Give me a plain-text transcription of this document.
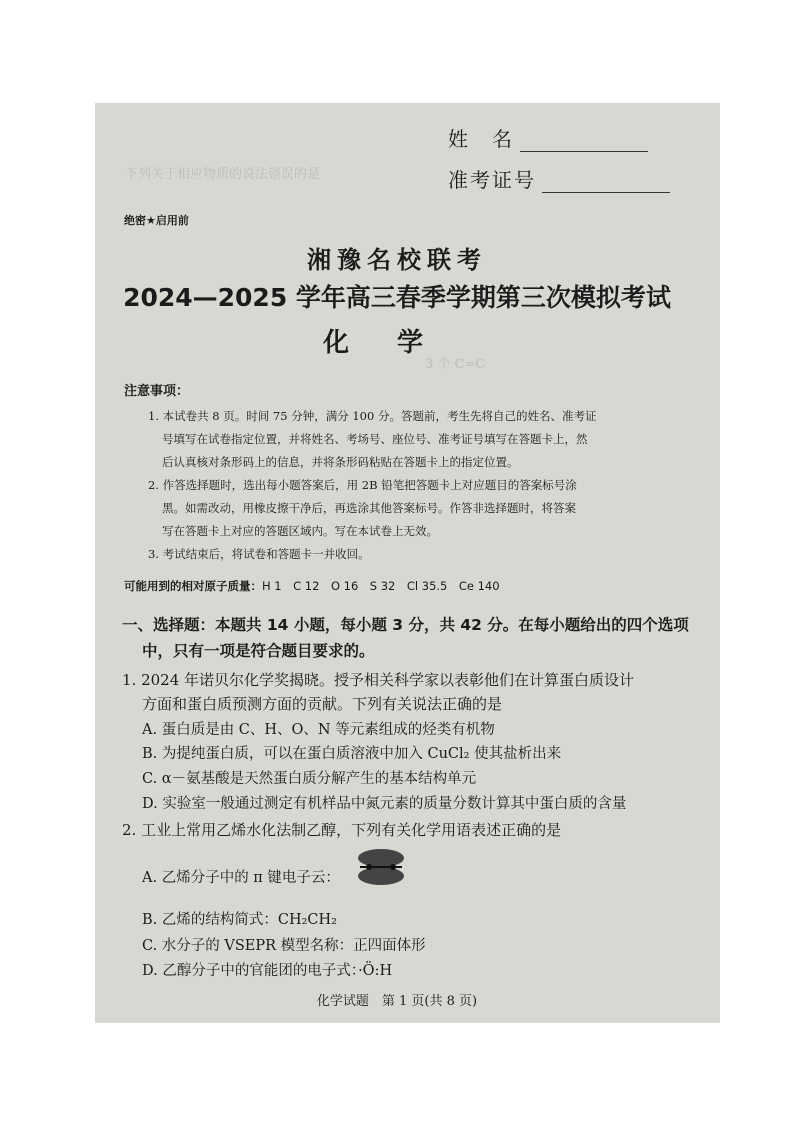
下列关于相应物质的说法错误的是
3 个 C=C
姓　名
准考证号
绝密★启用前
湘豫名校联考
2024—2025 学年高三春季学期第三次模拟考试
化学
注意事项：
1. 本试卷共 8 页。时间 75 分钟，满分 100 分。答题前，考生先将自己的姓名、准考证
号填写在试卷指定位置，并将姓名、考场号、座位号、准考证号填写在答题卡上，然
后认真核对条形码上的信息，并将条形码粘贴在答题卡上的指定位置。
2. 作答选择题时，选出每小题答案后，用 2B 铅笔把答题卡上对应题目的答案标号涂
黑。如需改动，用橡皮擦干净后，再选涂其他答案标号。作答非选择题时，将答案
写在答题卡上对应的答题区域内。写在本试卷上无效。
3. 考试结束后，将试卷和答题卡一并收回。
可能用到的相对原子质量：H 1　C 12　O 16　S 32　Cl 35.5　Ce 140
一、选择题：本题共 14 小题，每小题 3 分，共 42 分。在每小题给出的四个选项
中，只有一项是符合题目要求的。
1. 2024 年诺贝尔化学奖揭晓。授予相关科学家以表彰他们在计算蛋白质设计
方面和蛋白质预测方面的贡献。下列有关说法正确的是
A. 蛋白质是由 C、H、O、N 等元素组成的烃类有机物
B. 为提纯蛋白质，可以在蛋白质溶液中加入 CuCl₂ 使其盐析出来
C. α－氨基酸是天然蛋白质分解产生的基本结构单元
D. 实验室一般通过测定有机样品中氮元素的质量分数计算其中蛋白质的含量
2. 工业上常用乙烯水化法制乙醇，下列有关化学用语表述正确的是
A. 乙烯分子中的 π 键电子云：
B. 乙烯的结构简式：CH₂CH₂
C. 水分子的 VSEPR 模型名称：正四面体形
D. 乙醇分子中的官能团的电子式：·Ö:H
化学试题　第 1 页(共 8 页)
